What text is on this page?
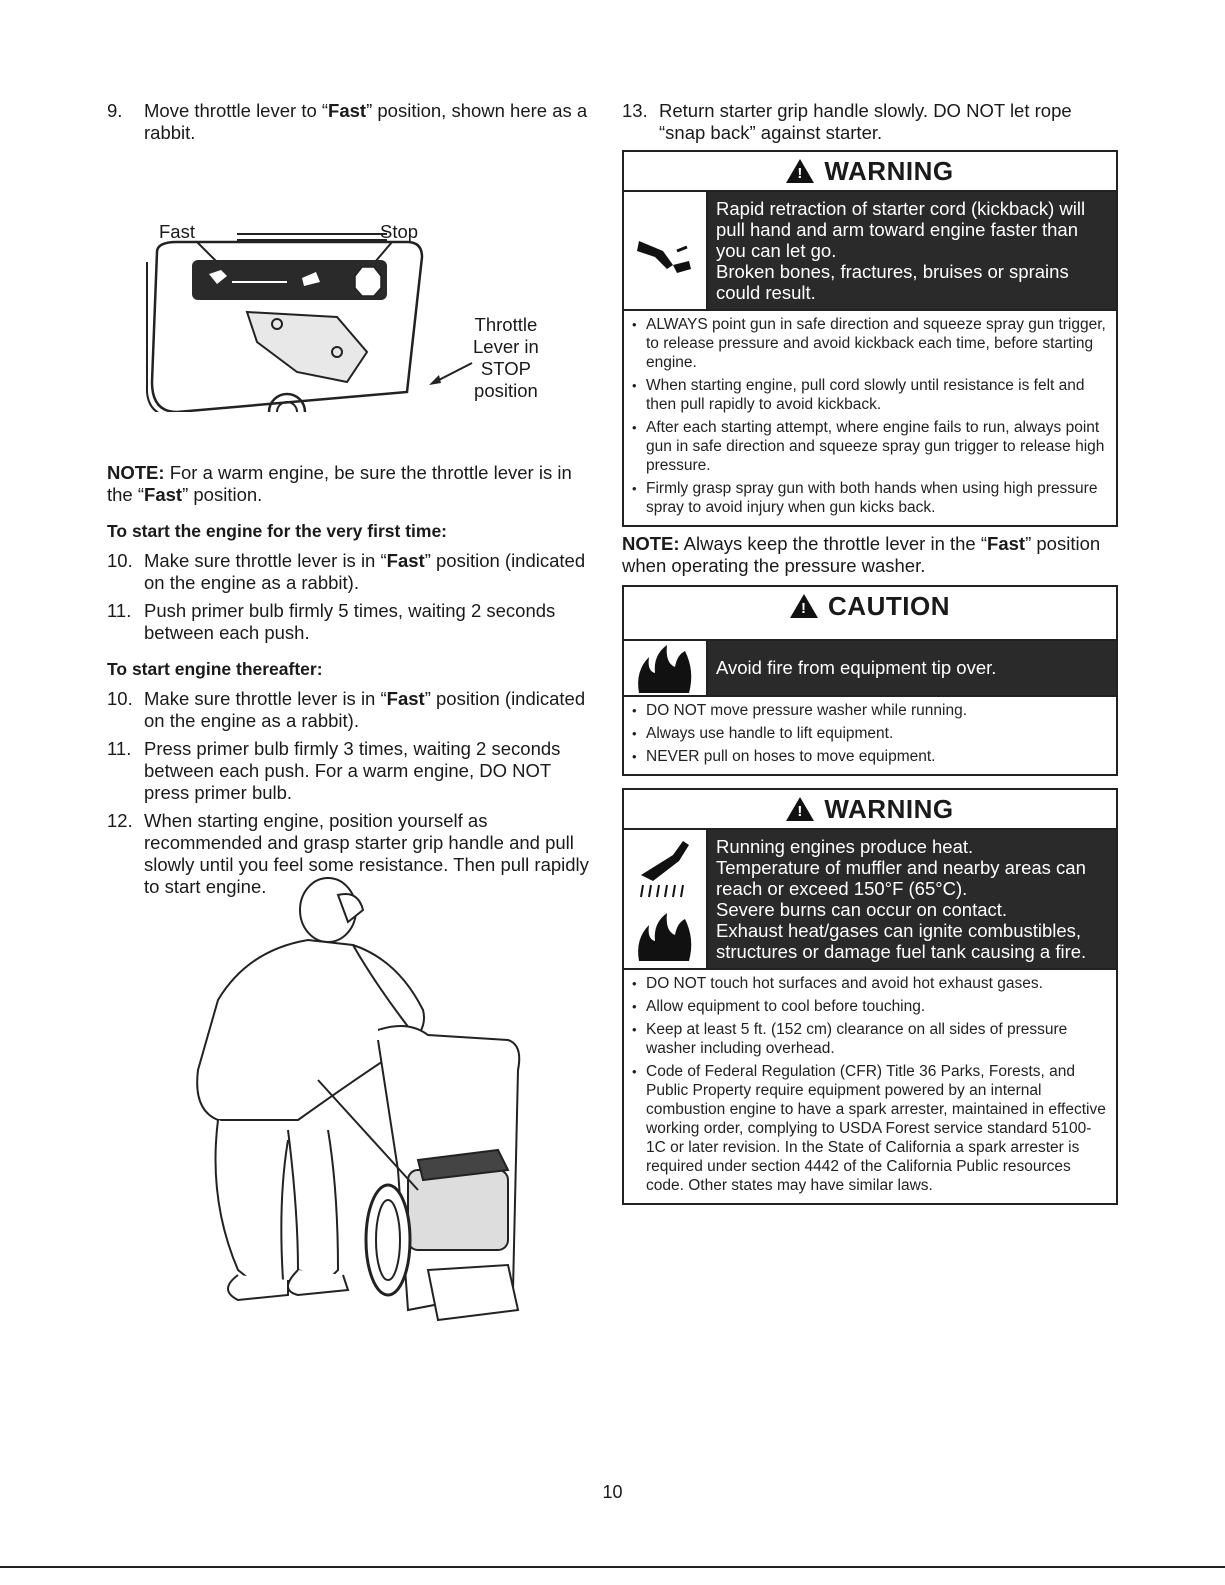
9. Move throttle lever to “Fast” position, shown here as a rabbit.
Fast	Stop
Throttle
Lever in
STOP
position

NOTE: For a warm engine, be sure the throttle lever is in the “Fast” position.

To start the engine for the very first time:
10. Make sure throttle lever is in “Fast” position (indicated on the engine as a rabbit).
11. Push primer bulb firmly 5 times, waiting 2 seconds between each push.
To start engine thereafter:
10. Make sure throttle lever is in “Fast” position (indicated on the engine as a rabbit).
11. Press primer bulb firmly 3 times, waiting 2 seconds between each push. For a warm engine, DO NOT press primer bulb.
12. When starting engine, position yourself as recommended and grasp starter grip handle and pull slowly until you feel some resistance. Then pull rapidly to start engine.
13. Return starter grip handle slowly. DO NOT let rope “snap back” against starter.
! WARNING
Rapid retraction of starter cord (kickback) will pull hand and arm toward engine faster than you can let go.
Broken bones, fractures, bruises or sprains could result.
• ALWAYS point gun in safe direction and squeeze spray gun trigger, to release pressure and avoid kickback each time, before starting engine.
• When starting engine, pull cord slowly until resistance is felt and then pull rapidly to avoid kickback.
• After each starting attempt, where engine fails to run, always point gun in safe direction and squeeze spray gun trigger to release high pressure.
• Firmly grasp spray gun with both hands when using high pressure spray to avoid injury when gun kicks back.

NOTE: Always keep the throttle lever in the “Fast” position when operating the pressure washer.

! CAUTION
Avoid fire from equipment tip over.
• DO NOT move pressure washer while running.
• Always use handle to lift equipment.
• NEVER pull on hoses to move equipment.
! WARNING
Running engines produce heat.
Temperature of muffler and nearby areas can reach or exceed 150°F (65°C).
Severe burns can occur on contact.
Exhaust heat/gases can ignite combustibles, structures or damage fuel tank causing a fire.
• DO NOT touch hot surfaces and avoid hot exhaust gases.
• Allow equipment to cool before touching.
• Keep at least 5 ft. (152 cm) clearance on all sides of pressure washer including overhead.
• Code of Federal Regulation (CFR) Title 36 Parks, Forests, and Public Property require equipment powered by an internal combustion engine to have a spark arrester, maintained in effective working order, complying to USDA Forest service standard 5100-1C or later revision. In the State of California a spark arrester is required under section 4442 of the California Public resources code. Other states may have similar laws.
10
